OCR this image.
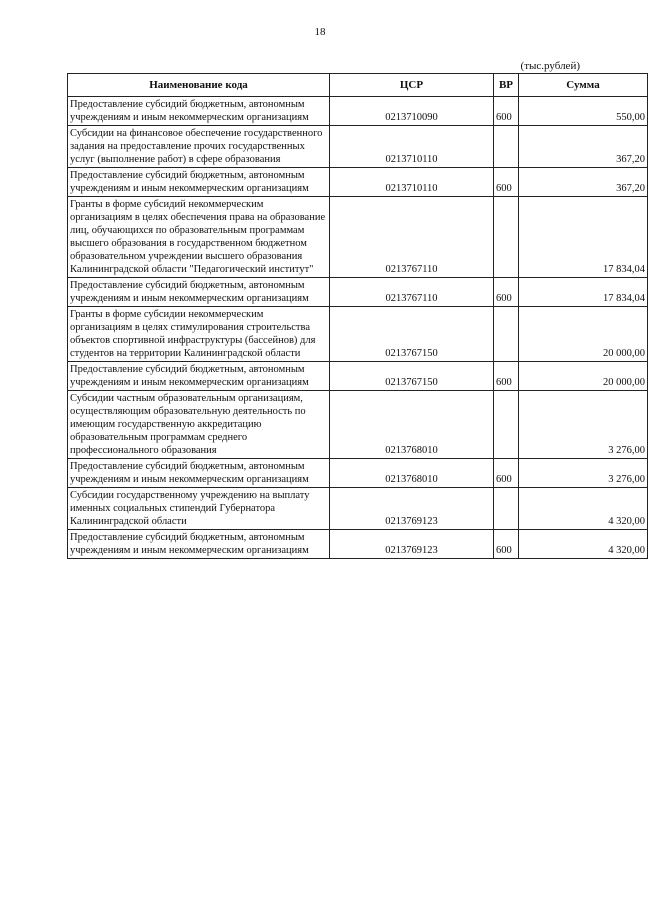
18
(тыс.рублей)
Наименование кода	ЦСР	ВР	Сумма
Предоставление субсидий бюджетным, автономным учреждениям и иным некоммерческим организациям	0213710090	600	550,00
Субсидии на финансовое обеспечение государственного задания на предоставление прочих государственных услуг (выполнение работ) в сфере образования	0213710110		367,20
Предоставление субсидий бюджетным, автономным учреждениям и иным некоммерческим организациям	0213710110	600	367,20
Гранты в форме субсидий некоммерческим организациям в целях обеспечения права на образование лиц, обучающихся по образовательным программам высшего образования в государственном бюджетном образовательном учреждении высшего образования Калининградской области "Педагогический институт"	0213767110		17 834,04
Предоставление субсидий бюджетным, автономным учреждениям и иным некоммерческим организациям	0213767110	600	17 834,04
Гранты в форме субсидии некоммерческим организациям в целях стимулирования строительства объектов спортивной инфраструктуры (бассейнов) для студентов на территории Калининградской области	0213767150		20 000,00
Предоставление субсидий бюджетным, автономным учреждениям и иным некоммерческим организациям	0213767150	600	20 000,00
Субсидии частным образовательным организациям, осуществляющим образовательную деятельность по имеющим государственную аккредитацию образовательным программам среднего профессионального образования	0213768010		3 276,00
Предоставление субсидий бюджетным, автономным учреждениям и иным некоммерческим организациям	0213768010	600	3 276,00
Субсидии государственному учреждению на выплату именных социальных стипендий Губернатора Калининградской области	0213769123		4 320,00
Предоставление субсидий бюджетным, автономным учреждениям и иным некоммерческим организациям	0213769123	600	4 320,00
